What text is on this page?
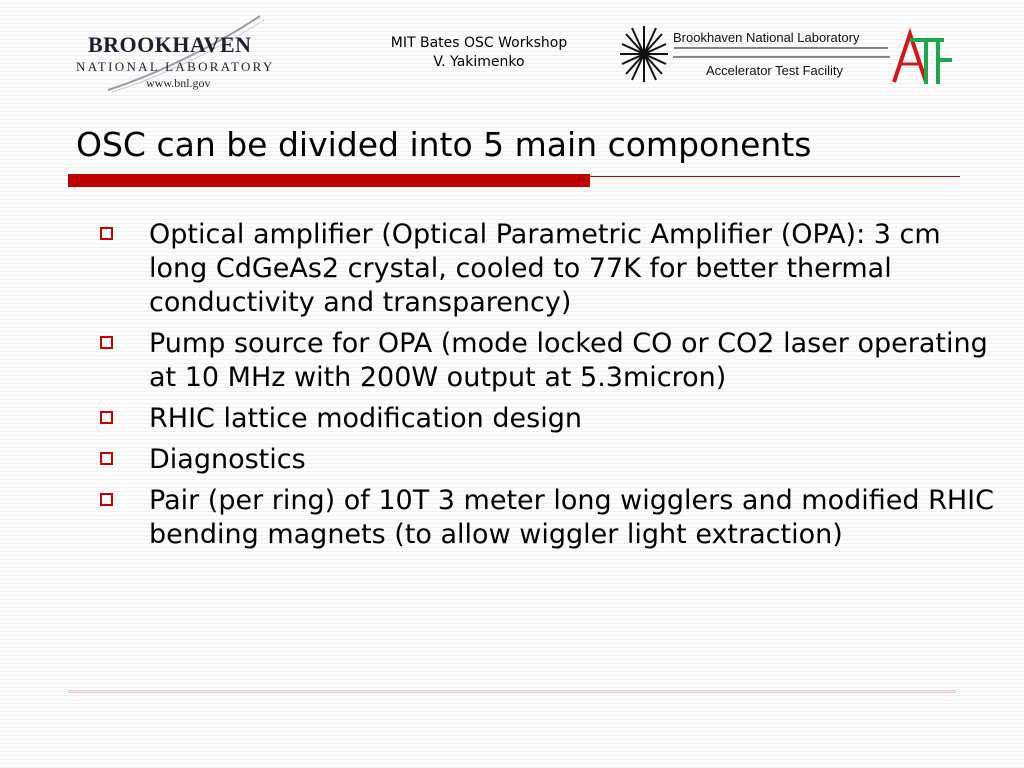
BROOKHAVEN
NATIONAL LABORATORY
www.bnl.gov
MIT Bates OSC Workshop
V. Yakimenko
Brookhaven National Laboratory
Accelerator Test Facility
OSC can be divided into 5 main components
Optical amplifier (Optical Parametric Amplifier (OPA): 3 cm long CdGeAs2 crystal, cooled to 77K for better thermal conductivity and transparency)
Pump source for OPA (mode locked CO or CO2 laser operating at 10 MHz with 200W output at 5.3micron)
RHIC lattice modification design
Diagnostics
Pair (per ring) of 10T 3 meter long wigglers and modified RHIC bending magnets (to allow wiggler light extraction)
